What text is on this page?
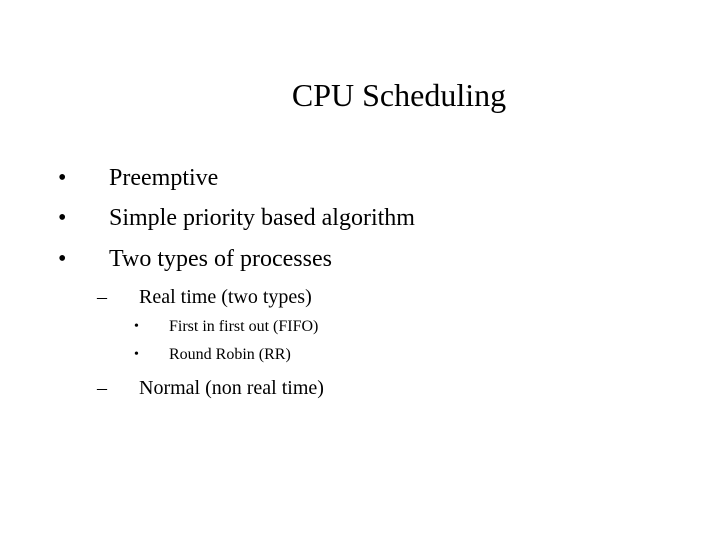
CPU Scheduling
• Preemptive
• Simple priority based algorithm
• Two types of processes
– Real time (two types)
• First in first out (FIFO)
• Round Robin (RR)
– Normal (non real time)
